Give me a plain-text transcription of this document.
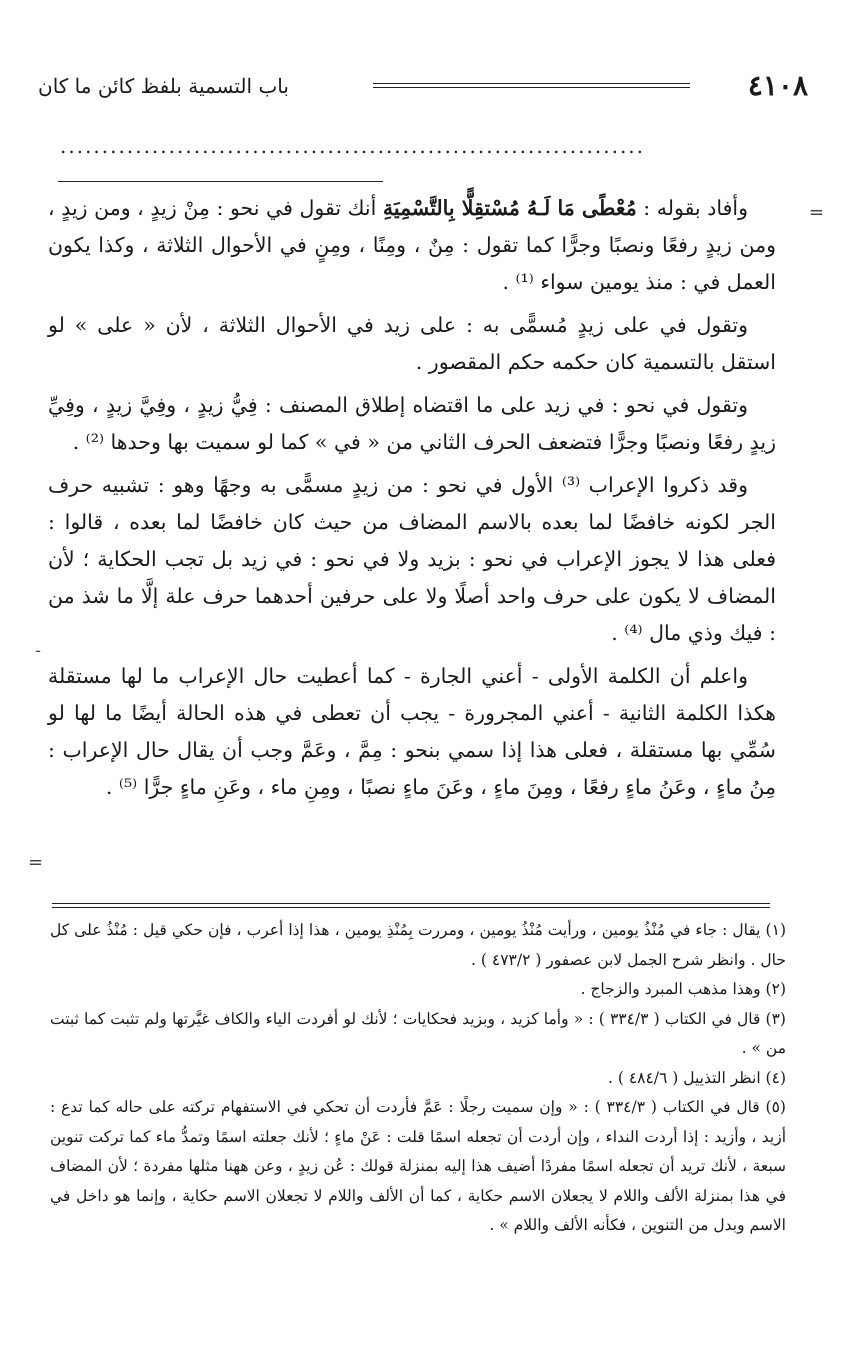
٤١٠٨
باب التسمية بلفظ كائن ما كان
......................................................................
=
ـ
=

وأفاد بقوله : مُعْطًى مَا لَـهُ مُسْتقِلًّا بِالتَّسْمِيَةِ أنك تقول في نحو : مِنْ زيدٍ ، ومن زيدٍ ، ومن زيدٍ رفعًا ونصبًا وجرًّا كما تقول : مِنٌ ، ومِنًا ، ومِنٍ في الأحوال الثلاثة ، وكذا يكون العمل في : منذ يومين سواء ⁽¹⁾ .

وتقول في على زيدٍ مُسمًّى به : على زيد في الأحوال الثلاثة ، لأن « على » لو استقل بالتسمية كان حكمه حكم المقصور .

وتقول في نحو : في زيد على ما اقتضاه إطلاق المصنف : فِيُّ زيدٍ ، وفِيَّ زيدٍ ، وفِيِّ زيدٍ رفعًا ونصبًا وجرًّا فتضعف الحرف الثاني من « في » كما لو سميت بها وحدها ⁽²⁾ .

وقد ذكروا الإعراب ⁽³⁾ الأول في نحو : من زيدٍ مسمًّى به وجهًا وهو : تشبيه حرف الجر لكونه خافضًا لما بعده بالاسم المضاف من حيث كان خافضًا لما بعده ، قالوا : فعلى هذا لا يجوز الإعراب في نحو : بزيد ولا في نحو : في زيد بل تجب الحكاية ؛ لأن المضاف لا يكون على حرف واحد أصلًا ولا على حرفين أحدهما حرف علة إلَّا ما شذ من : فيك وذي مال ⁽⁴⁾ .

واعلم أن الكلمة الأولى - أعني الجارة - كما أعطيت حال الإعراب ما لها مستقلة هكذا الكلمة الثانية - أعني المجرورة - يجب أن تعطى في هذه الحالة أيضًا ما لها لو سُمِّي بها مستقلة ، فعلى هذا إذا سمي بنحو : مِمَّ ، وعَمَّ وجب أن يقال حال الإعراب : مِنُ ماءٍ ، وعَنُ ماءٍ رفعًا ، ومِنَ ماءٍ ، وعَنَ ماءٍ نصبًا ، ومِنِ ماء ، وعَنِ ماءٍ جرًّا ⁽⁵⁾ .

(١) يقال : جاء في مُنْذُ يومين ، ورأيت مُنْذُ يومين ، ومررت بِمُنْذِ يومين ، هذا إذا أعرب ، فإن حكي قيل : مُنْذُ على كل حال . وانظر شرح الجمل لابن عصفور ( ٤٧٣/٢ ) .

(٢) وهذا مذهب المبرد والزجاج .

(٣) قال في الكتاب ( ٣٣٤/٣ ) : « وأما كزيد ، وبزيد فحكايات ؛ لأنك لو أفردت الياء والكاف غيَّرتها ولم تثبت كما ثبتت من » .

(٤) انظر التذييل ( ٤٨٤/٦ ) .

(٥) قال في الكتاب ( ٣٣٤/٣ ) : « وإن سميت رجلًا : عَمَّ فأردت أن تحكي في الاستفهام تركته على حاله كما تدع : أزيد ، وأزيد : إذا أردت النداء ، وإن أردت أن تجعله اسمًا قلت : عَنْ ماءٍ ؛ لأنك جعلته اسمًا وتمدُّ ماء كما تركت تنوين سبعة ، لأنك تريد أن تجعله اسمًا مفردًا أضيف هذا إليه بمنزلة قولك : عُن زيدٍ ، وعن ههنا مثلها مفردة ؛ لأن المضاف في هذا بمنزلة الألف واللام لا يجعلان الاسم حكاية ، كما أن الألف واللام لا تجعلان الاسم حكاية ، وإنما هو داخل في الاسم وبدل من التنوين ، فكأنه الألف واللام » .
